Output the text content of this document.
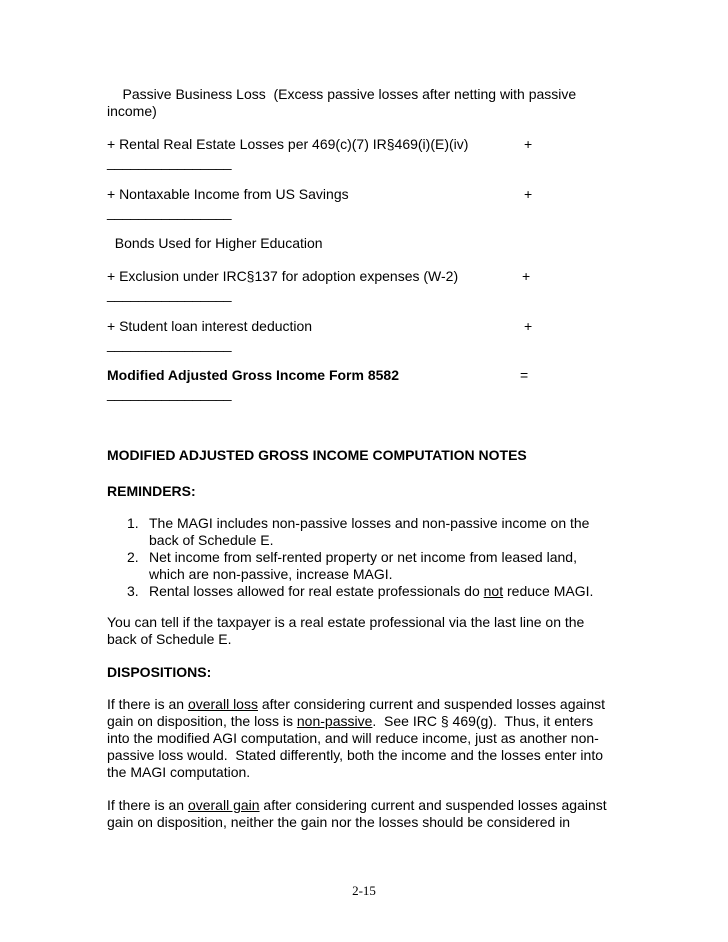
Passive Business Loss  (Excess passive losses after netting with passive
income)
+ Rental Real Estate Losses per 469(c)(7) IR§469(i)(E)(iv)	+
________________
+ Nontaxable Income from US Savings	+
________________
Bonds Used for Higher Education
+ Exclusion under IRC§137 for adoption expenses (W-2)	+
________________
+ Student loan interest deduction	+
________________
Modified Adjusted Gross Income Form 8582	=
________________
MODIFIED ADJUSTED GROSS INCOME COMPUTATION NOTES
REMINDERS:
1. The MAGI includes non-passive losses and non-passive income on the
back of Schedule E.
2. Net income from self-rented property or net income from leased land,
which are non-passive, increase MAGI.
3. Rental losses allowed for real estate professionals do not reduce MAGI.
You can tell if the taxpayer is a real estate professional via the last line on the
back of Schedule E.
DISPOSITIONS:
If there is an overall loss after considering current and suspended losses against
gain on disposition, the loss is non-passive.  See IRC § 469(g).  Thus, it enters
into the modified AGI computation, and will reduce income, just as another non-
passive loss would.  Stated differently, both the income and the losses enter into
the MAGI computation.
If there is an overall gain after considering current and suspended losses against
gain on disposition, neither the gain nor the losses should be considered in
2-15
